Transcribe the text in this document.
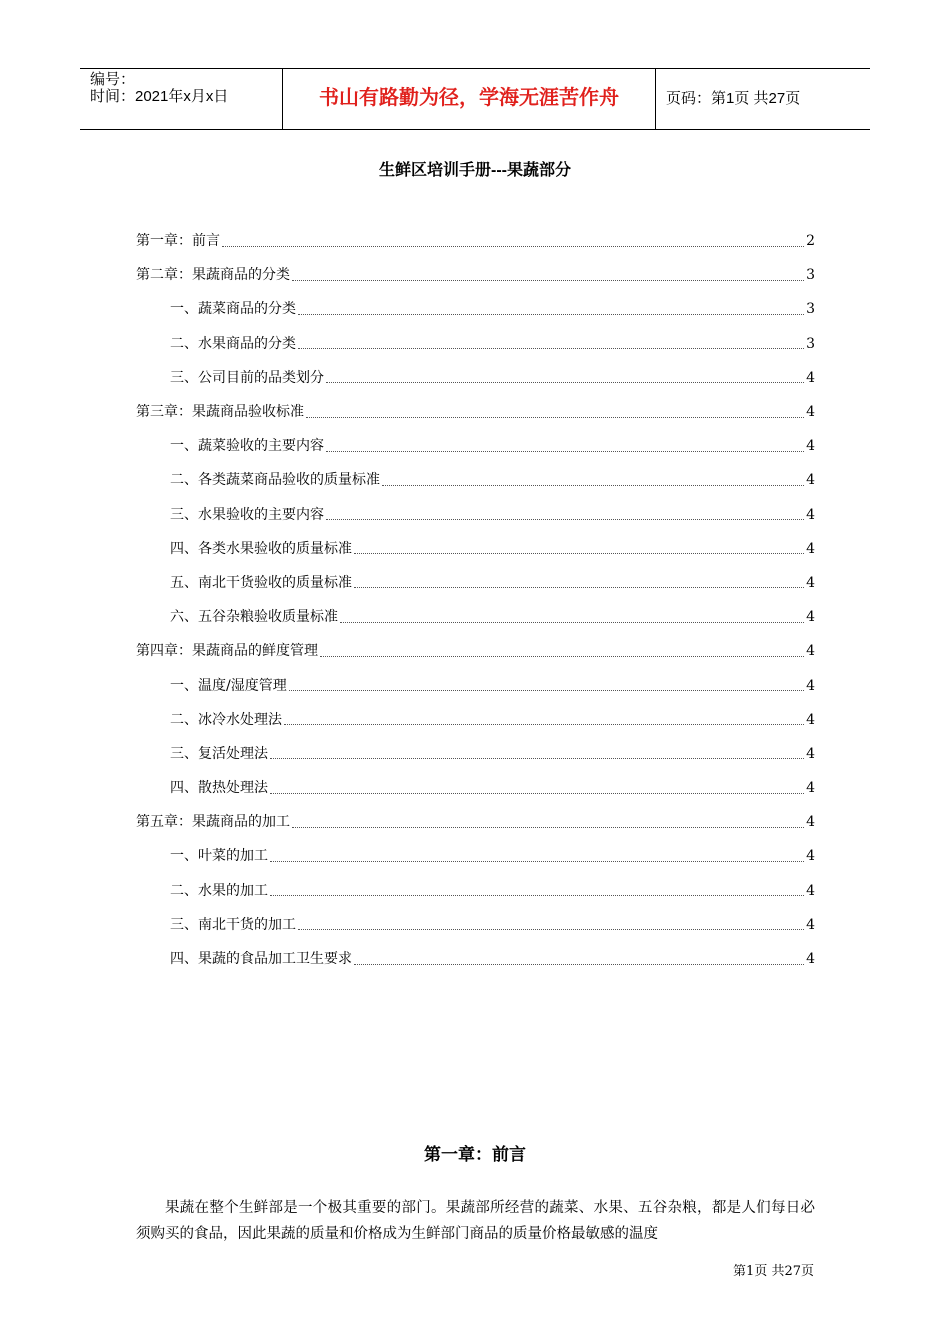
编号：
时间：2021年x月x日	书山有路勤为径，学海无涯苦作舟	页码：第1页 共27页
生鲜区培训手册---果蔬部分
第一章：前言	2
第二章：果蔬商品的分类	3
一、蔬菜商品的分类	3
二、水果商品的分类	3
三、公司目前的品类划分	4
第三章：果蔬商品验收标准	4
一、蔬菜验收的主要内容	4
二、各类蔬菜商品验收的质量标准	4
三、水果验收的主要内容	4
四、各类水果验收的质量标准	4
五、南北干货验收的质量标准	4
六、五谷杂粮验收质量标准	4
第四章：果蔬商品的鲜度管理	4
一、温度/湿度管理	4
二、冰冷水处理法	4
三、复活处理法	4
四、散热处理法	4
第五章：果蔬商品的加工	4
一、叶菜的加工	4
二、水果的加工	4
三、南北干货的加工	4
四、果蔬的食品加工卫生要求	4
第一章：前言

果蔬在整个生鲜部是一个极其重要的部门。果蔬部所经营的蔬菜、水果、五谷杂粮，都是人们每日必须购买的食品，因此果蔬的质量和价格成为生鲜部门商品的质量价格最敏感的温度

第1页 共27页
